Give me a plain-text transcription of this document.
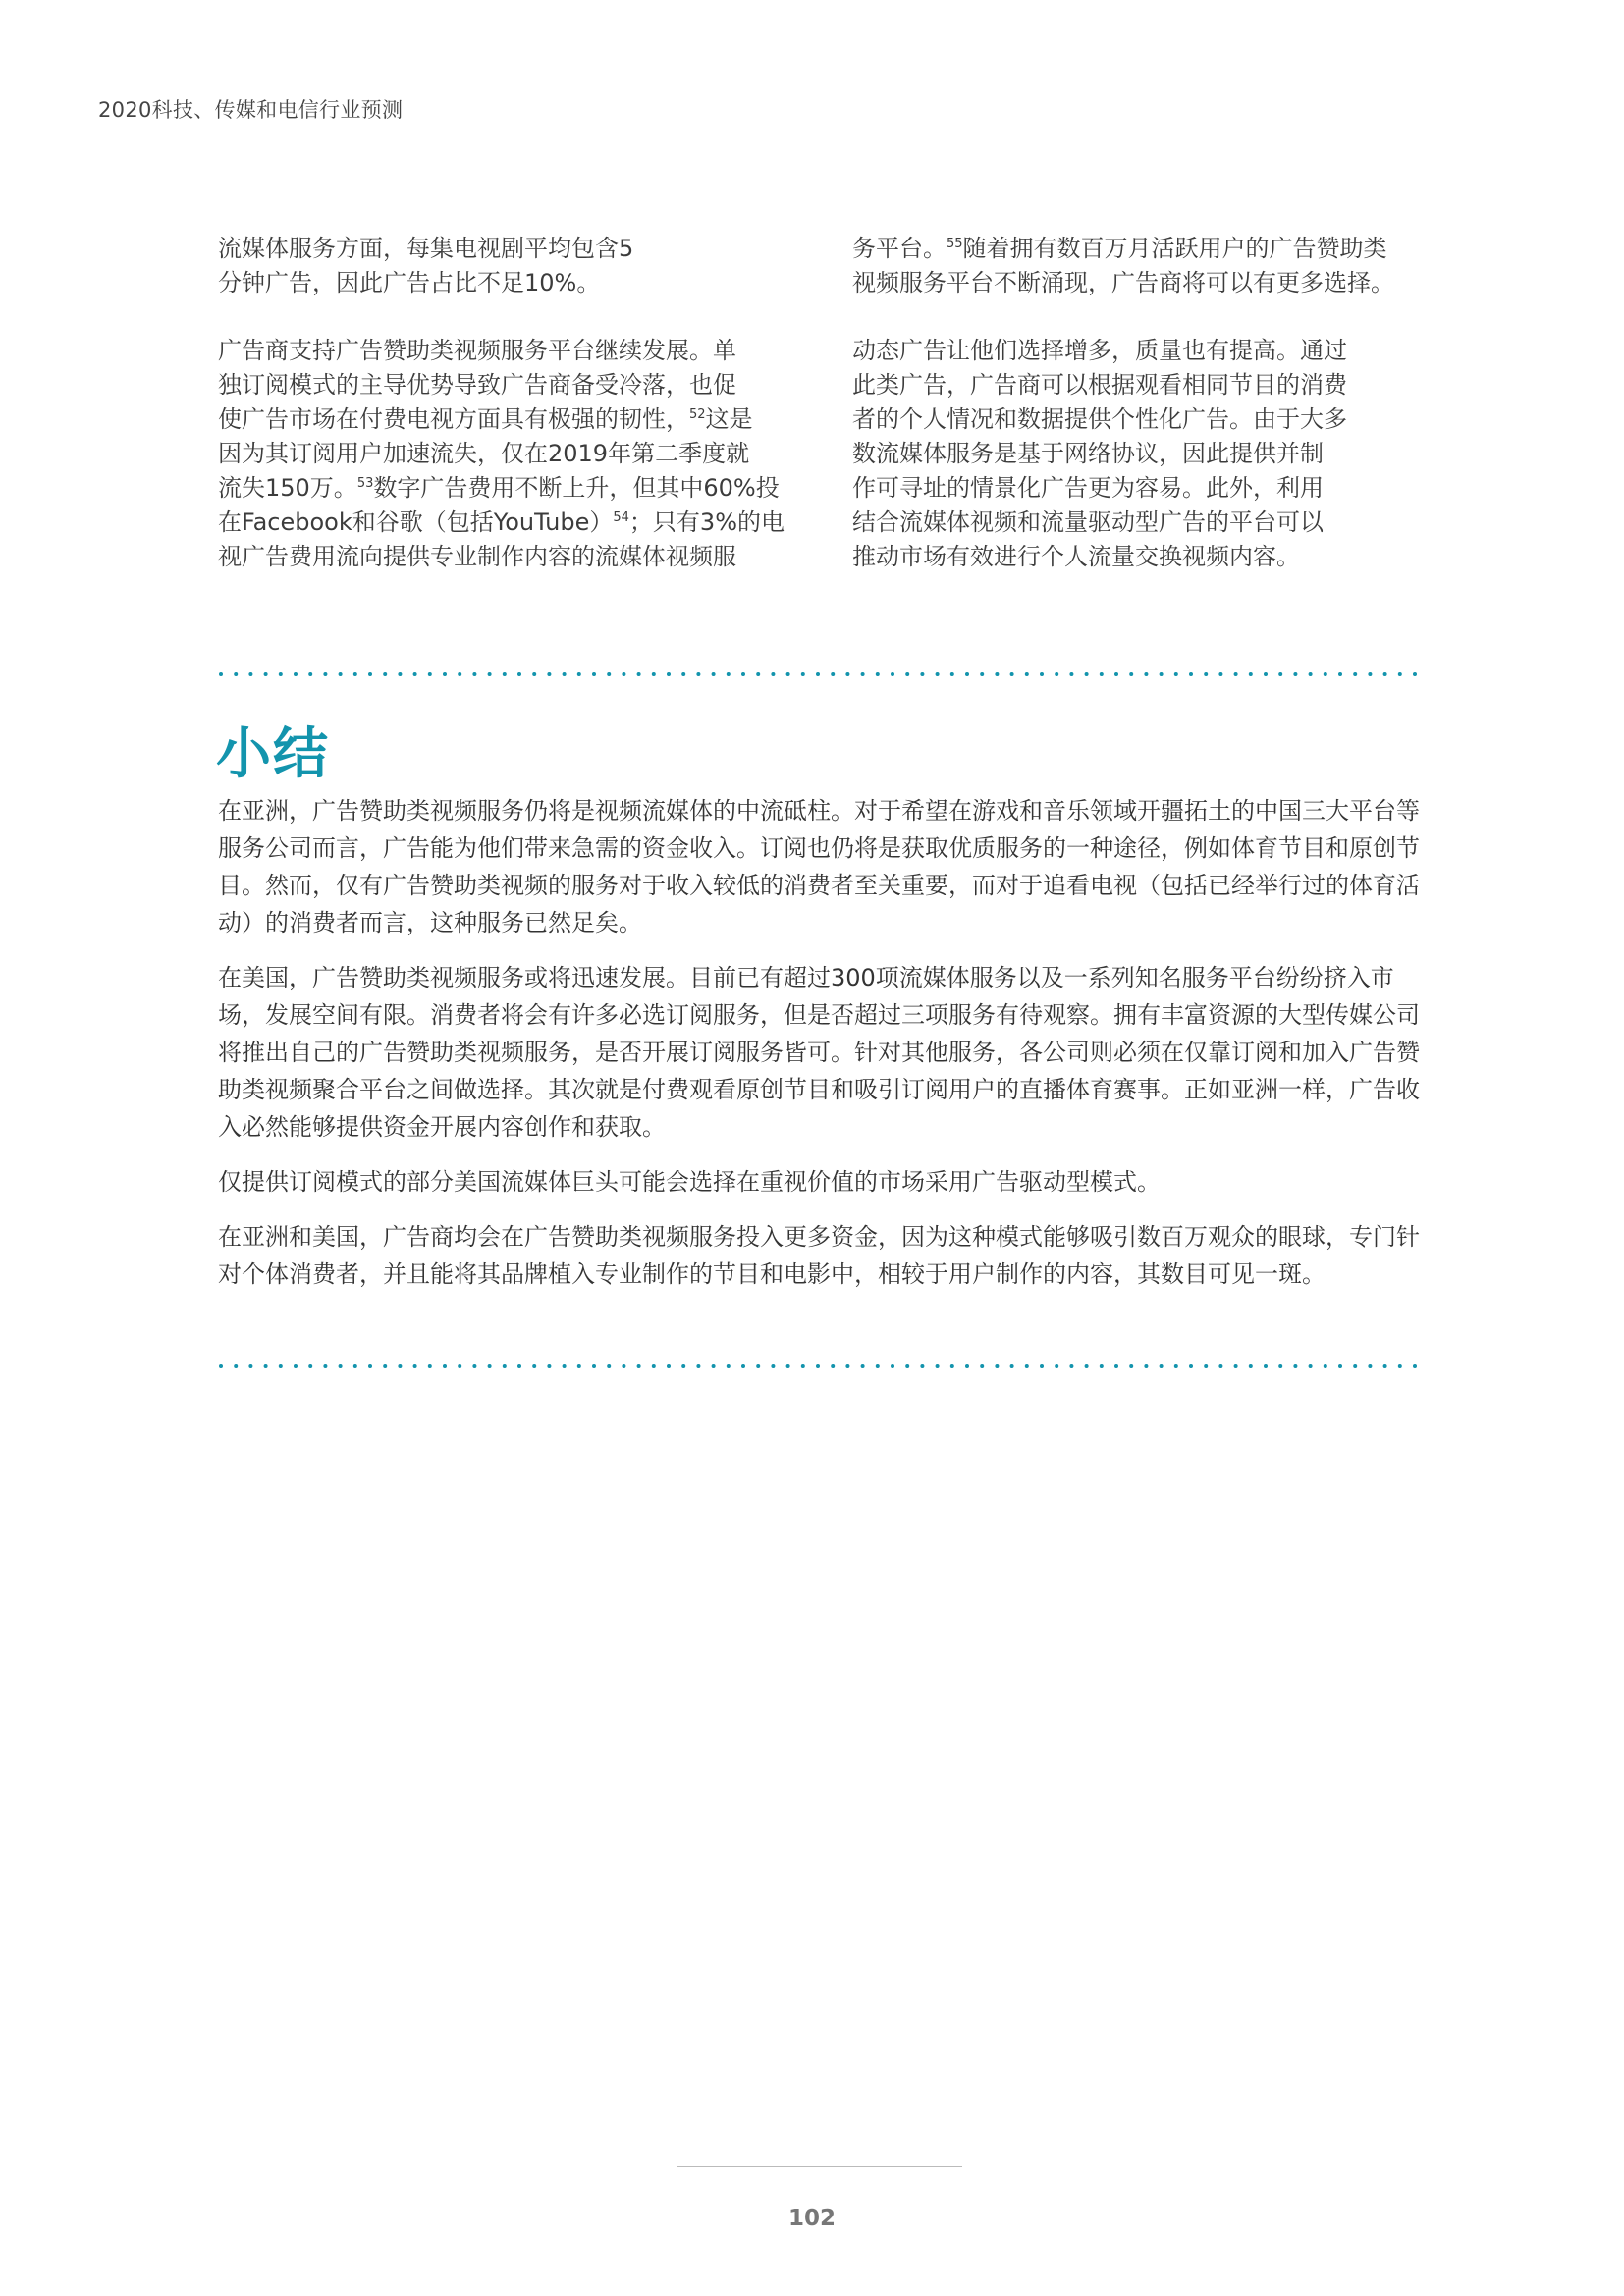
2020科技、传媒和电信行业预测

流媒体服务方面，每集电视剧平均包含5
分钟广告，因此广告占比不足10%。

广告商支持广告赞助类视频服务平台继续发展。单
独订阅模式的主导优势导致广告商备受冷落，也促
使广告市场在付费电视方面具有极强的韧性，$^{52}$这是
因为其订阅用户加速流失，仅在2019年第二季度就
流失150万。$^{53}$数字广告费用不断上升，但其中60%投
在Facebook和谷歌（包括YouTube）$^{54}$；只有3%的电
视广告费用流向提供专业制作内容的流媒体视频服

务平台。$^{55}$随着拥有数百万月活跃用户的广告赞助类
视频服务平台不断涌现，广告商将可以有更多选择。

动态广告让他们选择增多，质量也有提高。通过
此类广告，广告商可以根据观看相同节目的消费
者的个人情况和数据提供个性化广告。由于大多
数流媒体服务是基于网络协议，因此提供并制
作可寻址的情景化广告更为容易。此外，利用
结合流媒体视频和流量驱动型广告的平台可以
推动市场有效进行个人流量交换视频内容。

小结

在亚洲，广告赞助类视频服务仍将是视频流媒体的中流砥柱。对于希望在游戏和音乐领域开疆拓土的中国三大平台等服务公司而言，广告能为他们带来急需的资金收入。订阅也仍将是获取优质服务的一种途径，例如体育节目和原创节目。然而，仅有广告赞助类视频的服务对于收入较低的消费者至关重要，而对于追看电视（包括已经举行过的体育活动）的消费者而言，这种服务已然足矣。

在美国，广告赞助类视频服务或将迅速发展。目前已有超过300项流媒体服务以及一系列知名服务平台纷纷挤入市场，发展空间有限。消费者将会有许多必选订阅服务，但是否超过三项服务有待观察。拥有丰富资源的大型传媒公司将推出自己的广告赞助类视频服务，是否开展订阅服务皆可。针对其他服务，各公司则必须在仅靠订阅和加入广告赞助类视频聚合平台之间做选择。其次就是付费观看原创节目和吸引订阅用户的直播体育赛事。正如亚洲一样，广告收入必然能够提供资金开展内容创作和获取。

仅提供订阅模式的部分美国流媒体巨头可能会选择在重视价值的市场采用广告驱动型模式。

在亚洲和美国，广告商均会在广告赞助类视频服务投入更多资金，因为这种模式能够吸引数百万观众的眼球，专门针对个体消费者，并且能将其品牌植入专业制作的节目和电影中，相较于用户制作的内容，其数目可见一斑。

102
